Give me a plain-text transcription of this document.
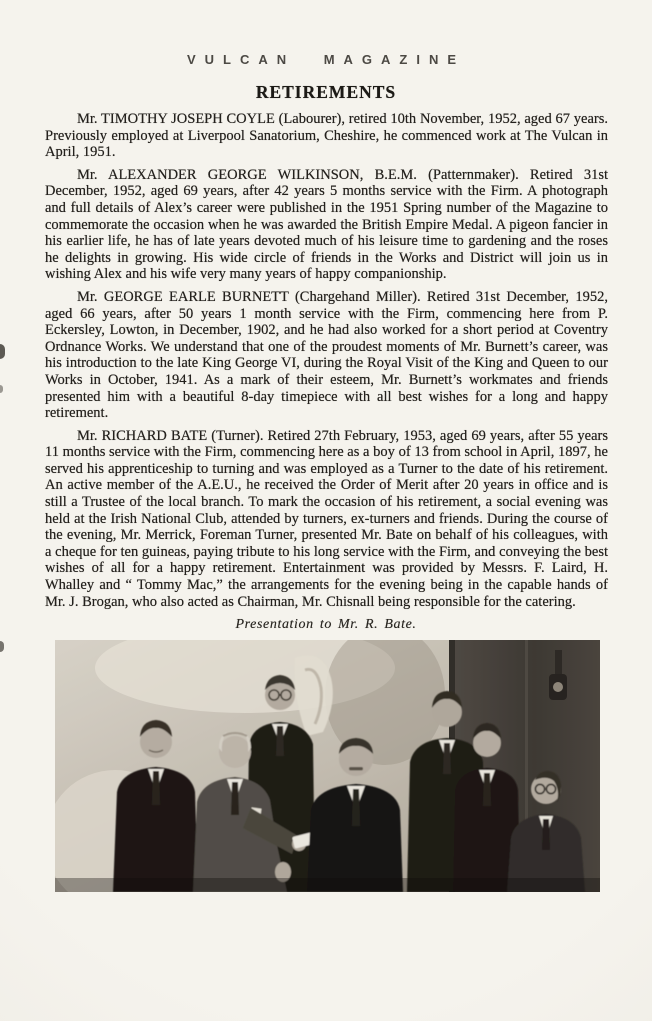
VULCAN MAGAZINE
RETIREMENTS

Mr. TIMOTHY JOSEPH COYLE (Labourer), retired 10th November, 1952, aged 67 years. Previously employed at Liverpool Sanatorium, Cheshire, he commenced work at The Vulcan in April, 1951.

Mr. ALEXANDER GEORGE WILKINSON, B.E.M. (Patternmaker). Retired 31st December, 1952, aged 69 years, after 42 years 5 months service with the Firm. A photograph and full details of Alex’s career were published in the 1951 Spring number of the Magazine to commemorate the occasion when he was awarded the British Empire Medal. A pigeon fancier in his earlier life, he has of late years devoted much of his leisure time to gardening and the roses he delights in growing. His wide circle of friends in the Works and District will join us in wishing Alex and his wife very many years of happy companionship.

Mr. GEORGE EARLE BURNETT (Chargehand Miller). Retired 31st December, 1952, aged 66 years, after 50 years 1 month service with the Firm, commencing here from P. Eckersley, Lowton, in December, 1902, and he had also worked for a short period at Coventry Ordnance Works. We understand that one of the proudest moments of Mr. Burnett’s career, was his introduction to the late King George VI, during the Royal Visit of the King and Queen to our Works in October, 1941. As a mark of their esteem, Mr. Burnett’s workmates and friends presented him with a beautiful 8-day timepiece with all best wishes for a long and happy retirement.

Mr. RICHARD BATE (Turner). Retired 27th February, 1953, aged 69 years, after 55 years 11 months service with the Firm, commencing here as a boy of 13 from school in April, 1897, he served his apprenticeship to turning and was employed as a Turner to the date of his retirement. An active member of the A.E.U., he received the Order of Merit after 20 years in office and is still a Trustee of the local branch. To mark the occasion of his retirement, a social evening was held at the Irish National Club, attended by turners, ex-turners and friends. During the course of the evening, Mr. Merrick, Foreman Turner, presented Mr. Bate on behalf of his colleagues, with a cheque for ten guineas, paying tribute to his long service with the Firm, and conveying the best wishes of all for a happy retirement. Entertainment was provided by Messrs. F. Laird, H. Whalley and “ Tommy Mac,” the arrangements for the evening being in the capable hands of Mr. J. Brogan, who also acted as Chairman, Mr. Chisnall being responsible for the catering.

Presentation to Mr. R. Bate.
